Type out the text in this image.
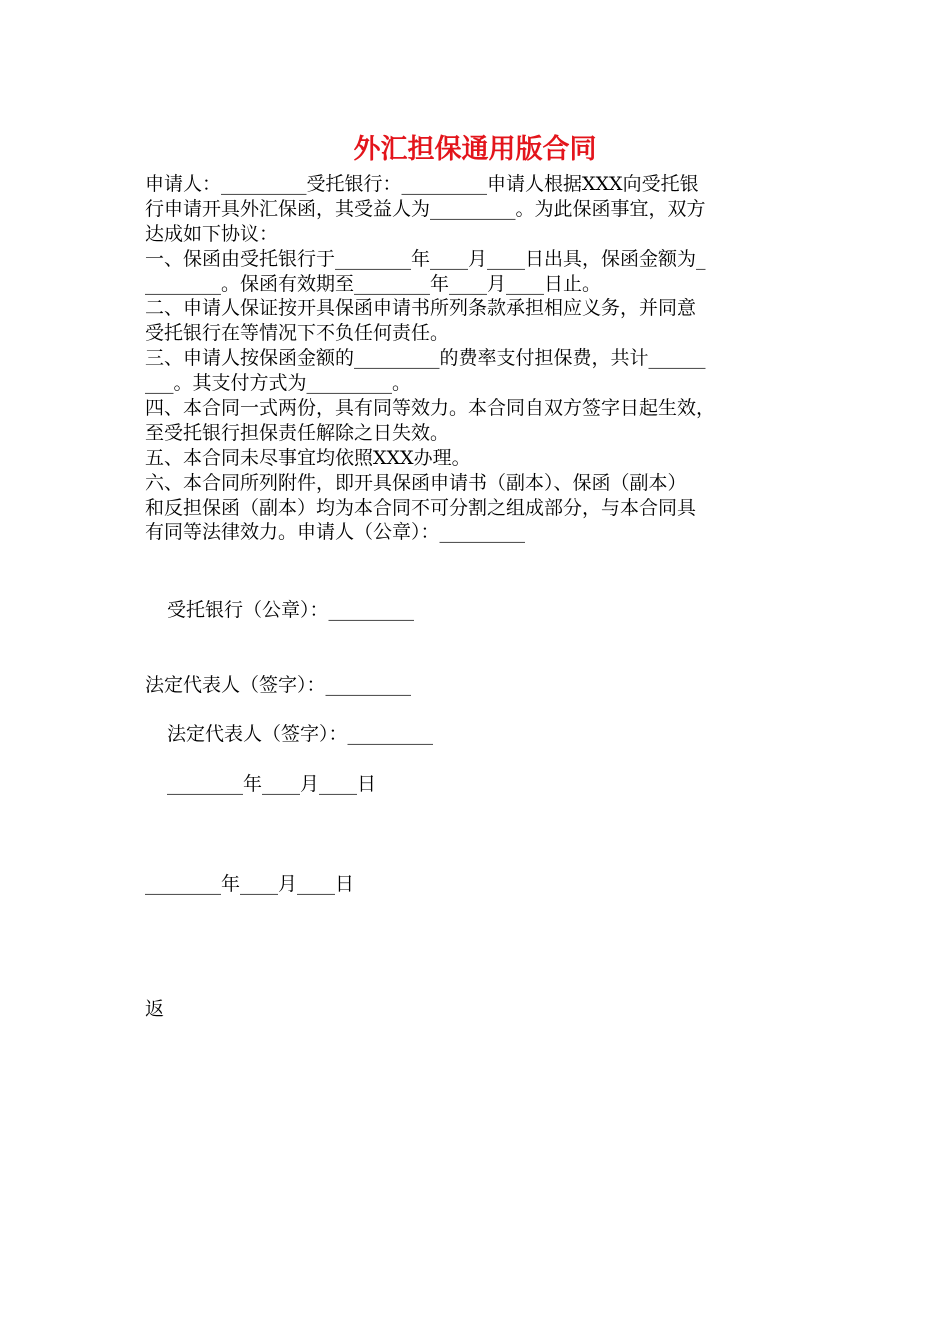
外汇担保通用版合同
申请人：_________受托银行：_________申请人根据XXX向受托银
行申请开具外汇保函，其受益人为_________。为此保函事宜，双方
达成如下协议：
一、保函由受托银行于________年____月____日出具，保函金额为_
________。保函有效期至________年____月____日止。
二、申请人保证按开具保函申请书所列条款承担相应义务，并同意
受托银行在等情况下不负任何责任。
三、申请人按保函金额的_________的费率支付担保费，共计______
___。其支付方式为_________。
四、本合同一式两份，具有同等效力。本合同自双方签字日起生效，
至受托银行担保责任解除之日失效。
五、本合同未尽事宜均依照XXX办理。
六、本合同所列附件，即开具保函申请书（副本）、保函（副本）
和反担保函（副本）均为本合同不可分割之组成部分，与本合同具
有同等法律效力。申请人（公章）：_________
受托银行（公章）：_________
法定代表人（签字）：_________
法定代表人（签字）：_________
________年____月____日
________年____月____日
返
